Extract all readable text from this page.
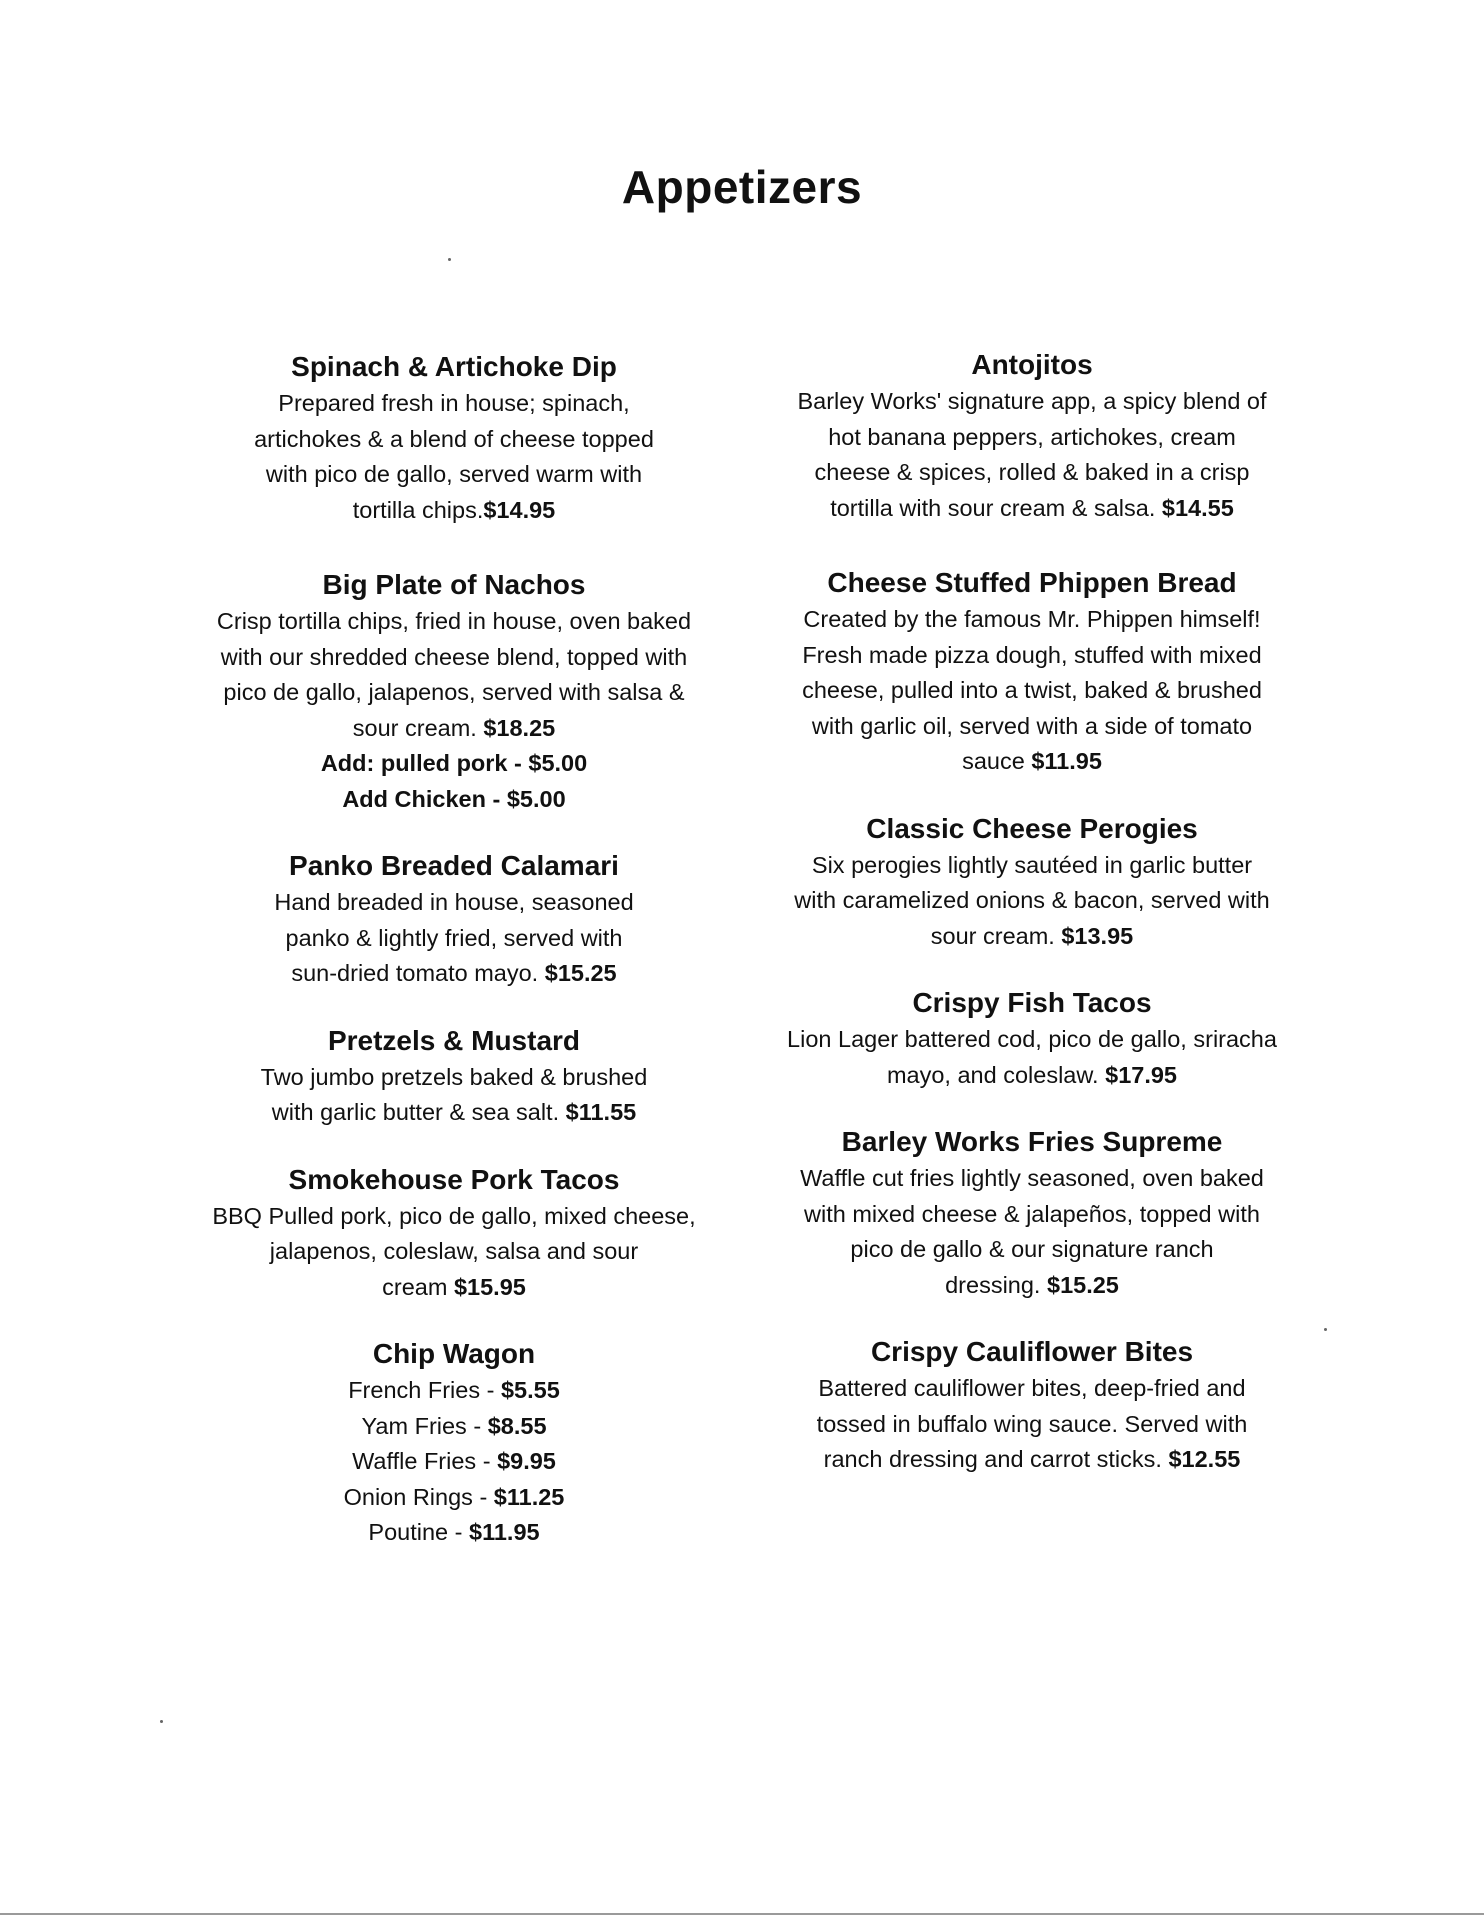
Appetizers
Spinach & Artichoke Dip
Prepared fresh in house; spinach,
artichokes & a blend of cheese topped
with pico de gallo, served warm with
tortilla chips.$14.95
Big Plate of Nachos
Crisp tortilla chips, fried in house, oven baked
with our shredded cheese blend, topped with
pico de gallo, jalapenos, served with salsa &
sour cream. $18.25
Add: pulled pork - $5.00
Add Chicken - $5.00
Panko Breaded Calamari
Hand breaded in house, seasoned
panko & lightly fried, served with
sun-dried tomato mayo. $15.25
Pretzels & Mustard
Two jumbo pretzels baked & brushed
with garlic butter & sea salt. $11.55
Smokehouse Pork Tacos
BBQ Pulled pork, pico de gallo, mixed cheese,
jalapenos, coleslaw, salsa and sour
cream $15.95
Chip Wagon
French Fries - $5.55
Yam Fries - $8.55
Waffle Fries - $9.95
Onion Rings - $11.25
Poutine - $11.95
Antojitos
Barley Works' signature app, a spicy blend of
hot banana peppers, artichokes, cream
cheese & spices, rolled & baked in a crisp
tortilla with sour cream & salsa. $14.55
Cheese Stuffed Phippen Bread
Created by the famous Mr. Phippen himself!
Fresh made pizza dough, stuffed with mixed
cheese, pulled into a twist, baked & brushed
with garlic oil, served with a side of tomato
sauce $11.95
Classic Cheese Perogies
Six perogies lightly sautéed in garlic butter
with caramelized onions & bacon, served with
sour cream. $13.95
Crispy Fish Tacos
Lion Lager battered cod, pico de gallo, sriracha
mayo, and coleslaw. $17.95
Barley Works Fries Supreme
Waffle cut fries lightly seasoned, oven baked
with mixed cheese & jalapeños, topped with
pico de gallo & our signature ranch
dressing. $15.25
Crispy Cauliflower Bites
Battered cauliflower bites, deep-fried and
tossed in buffalo wing sauce. Served with
ranch dressing and carrot sticks. $12.55
